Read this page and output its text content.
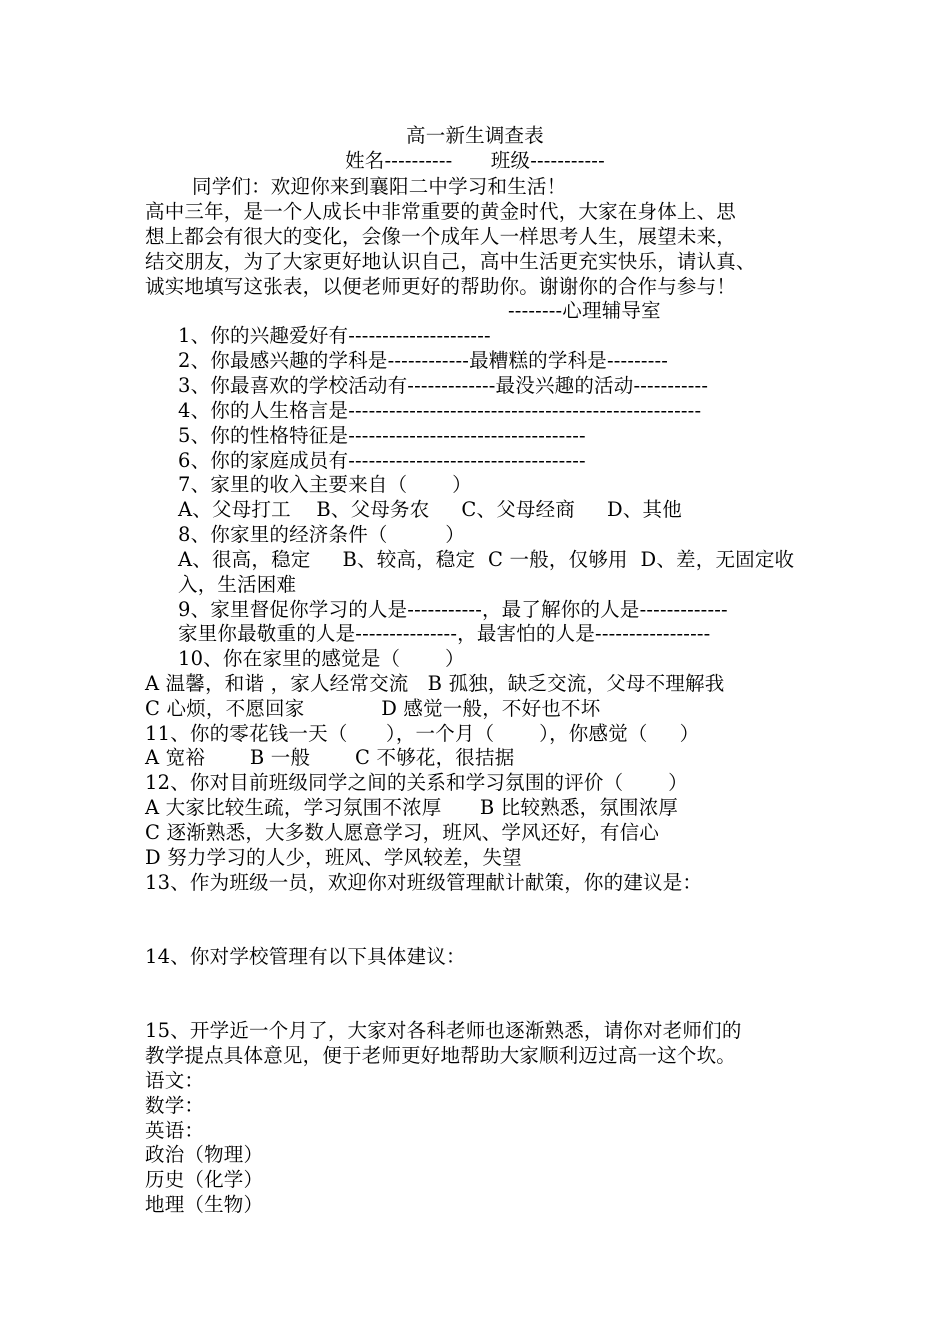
高一新生调查表
姓名----------      班级-----------
同学们：欢迎你来到襄阳二中学习和生活！
高中三年，是一个人成长中非常重要的黄金时代，大家在身体上、思
想上都会有很大的变化，会像一个成年人一样思考人生，展望未来，
结交朋友，为了大家更好地认识自己，高中生活更充实快乐，请认真、
诚实地填写这张表，以便老师更好的帮助你。谢谢你的合作与参与！
--------心理辅导室
1、你的兴趣爱好有---------------------
2、你最感兴趣的学科是------------最糟糕的学科是---------
3、你最喜欢的学校活动有-------------最没兴趣的活动-----------
4、你的人生格言是----------------------------------------------------
5、你的性格特征是-----------------------------------
6、你的家庭成员有-----------------------------------
7、家里的收入主要来自（       ）
A、父母打工    B、父母务农     C、父母经商     D、其他
8、你家里的经济条件（         ）
A、很高，稳定     B、较高，稳定  C 一般，仅够用  D、差，无固定收
入，生活困难
9、家里督促你学习的人是-----------，最了解你的人是-------------
家里你最敬重的人是---------------，最害怕的人是-----------------
10、你在家里的感觉是（       ）
A 温馨，和谐 ，家人经常交流   B 孤独，缺乏交流，父母不理解我
C 心烦，不愿回家            D 感觉一般，不好也不坏
11、你的零花钱一天（      ），一个月（       ），你感觉（     ）
A 宽裕       B 一般       C 不够花，很拮据
12、你对目前班级同学之间的关系和学习氛围的评价（       ）
A 大家比较生疏，学习氛围不浓厚      B 比较熟悉，氛围浓厚
C 逐渐熟悉，大多数人愿意学习，班风、学风还好，有信心
D 努力学习的人少，班风、学风较差，失望
13、作为班级一员，欢迎你对班级管理献计献策，你的建议是：
14、你对学校管理有以下具体建议：
15、开学近一个月了，大家对各科老师也逐渐熟悉，请你对老师们的
教学提点具体意见，便于老师更好地帮助大家顺利迈过高一这个坎。
语文：
数学：
英语：
政治（物理）
历史（化学）
地理（生物）
